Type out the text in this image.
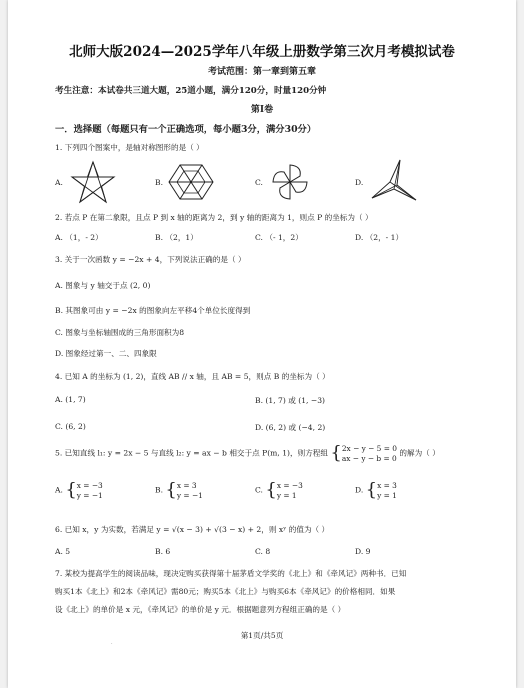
北师大版2024—2025学年八年级上册数学第三次月考模拟试卷
考试范围：第一章到第五章
考生注意：本试卷共三道大题，25道小题，满分120分，时量120分钟
第Ⅰ卷
一．选择题（每题只有一个正确选项，每小题3分，满分30分）
1. 下列四个图案中，是轴对称图形的是（ ）
A.	B.	C.	D.
2. 若点 P 在第二象限，且点 P 到 x 轴的距离为 2，到 y 轴的距离为 1，则点 P 的坐标为（ ）
A. （1，- 2）	B. （2，1）	C. （- 1，2）	D. （2，- 1）
3. 关于一次函数 y = −2x + 4，下列说法正确的是（ ）
A. 图象与 y 轴交于点 (2, 0)
B. 其图象可由 y = −2x 的图象向左平移4个单位长度得到
C. 图象与坐标轴围成的三角形面积为8
D. 图象经过第一、二、四象限
4. 已知 A 的坐标为 (1, 2)，直线 AB // x 轴，且 AB = 5，则点 B 的坐标为（ ）
A. (1, 7)	B. (1, 7) 或 (1, −3)
C. (6, 2)	D. (6, 2) 或 (−4, 2)
5. 已知直线 l₁: y = 2x − 5 与直线 l₂: y = ax − b 相交于点 P(m, 1)，则方程组 {2x − y − 5 = 0
ax − y − b = 0 的解为（ ）
A. {x = −3
y = −1
B. {x = 3
y = −1
C. {x = −3
y = 1
D. {x = 3
y = 1
6. 已知 x，y 为实数，若满足 y = √(x − 3) + √(3 − x) + 2，则 xʸ 的值为（ ）
A. 5	B. 6	C. 8	D. 9
7. 某校为提高学生的阅读品味，现决定购买获得第十届茅盾文学奖的《北上》和《牵风记》两种书．已知
购买1本《北上》和2本《牵风记》需80元；购买5本《北上》与购买6本《牵风记》的价格相同．如果
设《北上》的单价是 x 元，《牵风记》的单价是 y 元．根据题意列方程组正确的是（ ）
·
第1页/共5页
